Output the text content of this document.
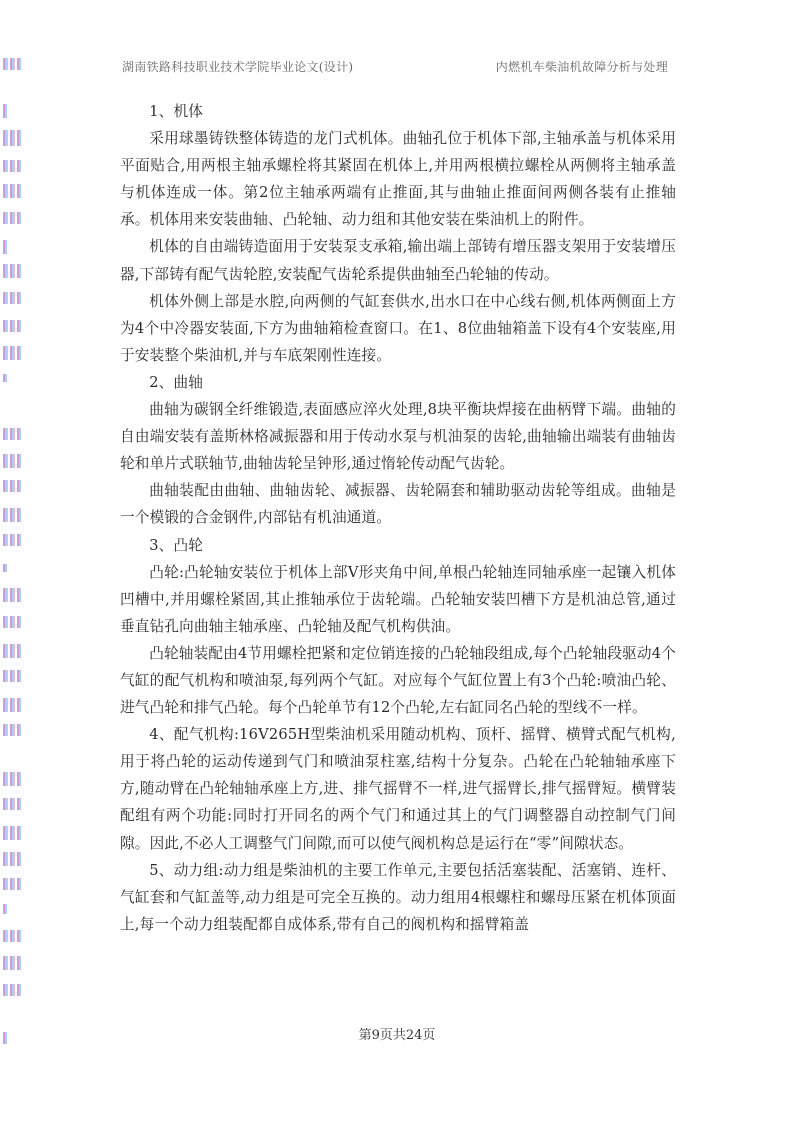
湖南铁路科技职业技术学院毕业论文(设计)	内燃机车柴油机故障分析与处理

1、机体

采用球墨铸铁整体铸造的龙门式机体。曲轴孔位于机体下部,主轴承盖与机体采用平面贴合,用两根主轴承螺栓将其紧固在机体上,并用两根横拉螺栓从两侧将主轴承盖与机体连成一体。第2位主轴承两端有止推面,其与曲轴止推面间两侧各装有止推轴承。机体用来安装曲轴、凸轮轴、动力组和其他安装在柴油机上的附件。

机体的自由端铸造面用于安装泵支承箱,输出端上部铸有增压器支架用于安装增压器,下部铸有配气齿轮腔,安装配气齿轮系提供曲轴至凸轮轴的传动。

机体外侧上部是水腔,向两侧的气缸套供水,出水口在中心线右侧,机体两侧面上方为4个中冷器安装面,下方为曲轴箱检查窗口。在1、8位曲轴箱盖下设有4个安装座,用于安装整个柴油机,并与车底架刚性连接。

2、曲轴

曲轴为碳钢全纤维锻造,表面感应淬火处理,8块平衡块焊接在曲柄臂下端。曲轴的自由端安装有盖斯林格减振器和用于传动水泵与机油泵的齿轮,曲轴输出端装有曲轴齿轮和单片式联轴节,曲轴齿轮呈钟形,通过惰轮传动配气齿轮。

曲轴装配由曲轴、曲轴齿轮、减振器、齿轮隔套和辅助驱动齿轮等组成。曲轴是一个模锻的合金钢件,内部钻有机油通道。

3、凸轮

凸轮:凸轮轴安装位于机体上部V形夹角中间,单根凸轮轴连同轴承座一起镶入机体凹槽中,并用螺栓紧固,其止推轴承位于齿轮端。凸轮轴安装凹槽下方是机油总管,通过垂直钻孔向曲轴主轴承座、凸轮轴及配气机构供油。

凸轮轴装配由4节用螺栓把紧和定位销连接的凸轮轴段组成,每个凸轮轴段驱动4个气缸的配气机构和喷油泵,每列两个气缸。对应每个气缸位置上有3个凸轮:喷油凸轮、进气凸轮和排气凸轮。每个凸轮单节有12个凸轮,左右缸同名凸轮的型线不一样。

4、配气机构:16V265H型柴油机采用随动机构、顶杆、摇臂、横臂式配气机构,用于将凸轮的运动传递到气门和喷油泵柱塞,结构十分复杂。凸轮在凸轮轴轴承座下方,随动臂在凸轮轴轴承座上方,进、排气摇臂不一样,进气摇臂长,排气摇臂短。横臂装配组有两个功能:同时打开同名的两个气门和通过其上的气门调整器自动控制气门间隙。因此,不必人工调整气门间隙,而可以使气阀机构总是运行在“零”间隙状态。

5、动力组:动力组是柴油机的主要工作单元,主要包括活塞装配、活塞销、连杆、气缸套和气缸盖等,动力组是可完全互换的。动力组用4根螺柱和螺母压紧在机体顶面上,每一个动力组装配都自成体系,带有自己的阀机构和摇臂箱盖

第9页共24页
